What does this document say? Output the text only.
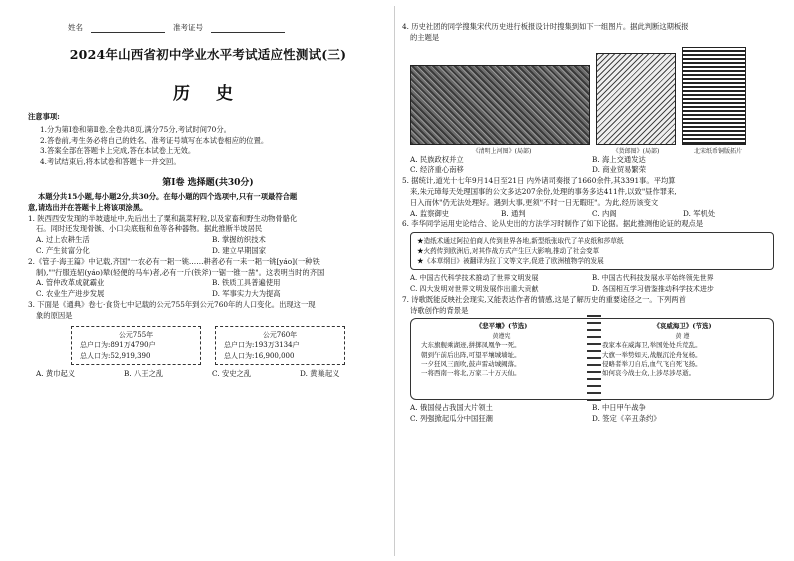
姓名	准考证号
2024年山西省初中学业水平考试适应性测试(三)
历 史
注意事项:
1.分为第Ⅰ卷和第Ⅱ卷,全卷共8页,满分75分,考试时间70分。
2.答卷前,考生务必将自己的姓名、准考证号填写在本试卷相应的位置。
3.答案全部在答题卡上完成,答在本试卷上无效。
4.考试结束后,将本试卷和答题卡一并交回。
第Ⅰ卷 选择题(共30分)
本题分共15小题,每小题2分,共30分。在每小题的四个选项中,只有一项最符合题
意,请选出并在答题卡上将该项涂黑。
1. 陕西西安发现的半坡遗址中,先后出土了粟和蔬菜籽粒,以及家畜和野生动物骨骼化
石。同时还发现骨镞、小口尖底瓶和鱼等各种器物。据此推断半坡居民
A. 过上农耕生活	B. 掌握纺织技术
C. 产生贫富分化	D. 建立早期国家
2.《管子·海王篇》中记载,齐国"一农必有一耜一铫……耕者必有一耒一耜一铫[yáo](一种铁
制),""行服连轺(yáo)辇(轻便的马车)者,必有一斤(铁斧)一锯一锥一凿"。这表明当时的齐国
A. 管仲改革成就霸业	B. 铁质工具普遍使用
C. 农业生产进步发展	D. 军事实力大为提高
3. 下面是《通典》卷七·食货七中记载的公元755年到公元760年的人口变化。出现这一现
象的原因是
公元755年
总户口为:891万4790户
总人口为:52,919,390
公元760年
总户口为:193万3134户
总人口为:16,900,000
A. 黄巾起义	B. 八王之乱	C. 安史之乱	D. 黄巢起义
4. 历史社团的同学搜集宋代历史进行板报设计时搜集到如下一组图片。据此判断这期板报
的主题是
《清明上河图》(局部)	《货郎图》(局部)	北宋纸币铜版拓片
A. 民族政权并立	B. 海上交通发达
C. 经济重心南移	D. 商业贸易繁荣
5. 据统计,道光十七年9月14日至21日 内外诸司奏报了1660余件,其3391事。平均算
来,朱元璋每天处理国事的公文多达207余份,处理的事务多达411件,以致"昼作罪来,
日入而休"仍无法处理好。遇到大事,更须"不时一日无暇旺"。为此,经历该变文
A. 监察御史	B. 通判	C. 内阁	D. 军机处
6. 李华同学运用史论结合、论从史出的方法学习时制作了如下论据。据此推测他论证的观点是
★造纸术通过阿拉伯商人传到世界各地,新型纸张取代了羊皮纸和莎草纸
★火药传到欧洲后,对其作战方式产生巨大影响,推动了社会变革
★《本草纲目》被翻译为拉丁文等文字,促进了欧洲植物学的发展
A. 中国古代科学技术推动了世界文明发展	B. 中国古代科技发展水平始终领先世界
C. 四大发明对世界文明发展作出重大贡献	D. 各国相互学习借鉴推动科学技术进步
7. 诗歌既能反映社会现实,又能表达作者的情感,这是了解历史的重要途径之一。下列两首
诗歌创作的背景是
《悲平壤》(节选)
黄遵宪
大东旗舰乘湖迹,拼掷凤凰争一死。
朝到午前后出阵,可望平壤城墙址。
一夕狂风三面吹,鼓声雷动城阙落。
一将西南一将北,万家二十万天仙。
《哀威海卫》(节选)
黄 遵
我家本在威海卫,举国处处兵荒乱。
大旗一举势如天,战舰沉沦舟复杨。
侵略者举刀自后,血气飞自死飞扬。
如何哀今战士众,上涉尽涉尽逝。
A. 俄国侵占我国大片领土	B. 中日甲午战争
C. 列强掀起瓜分中国狂潮	D. 签定《辛丑条约》
